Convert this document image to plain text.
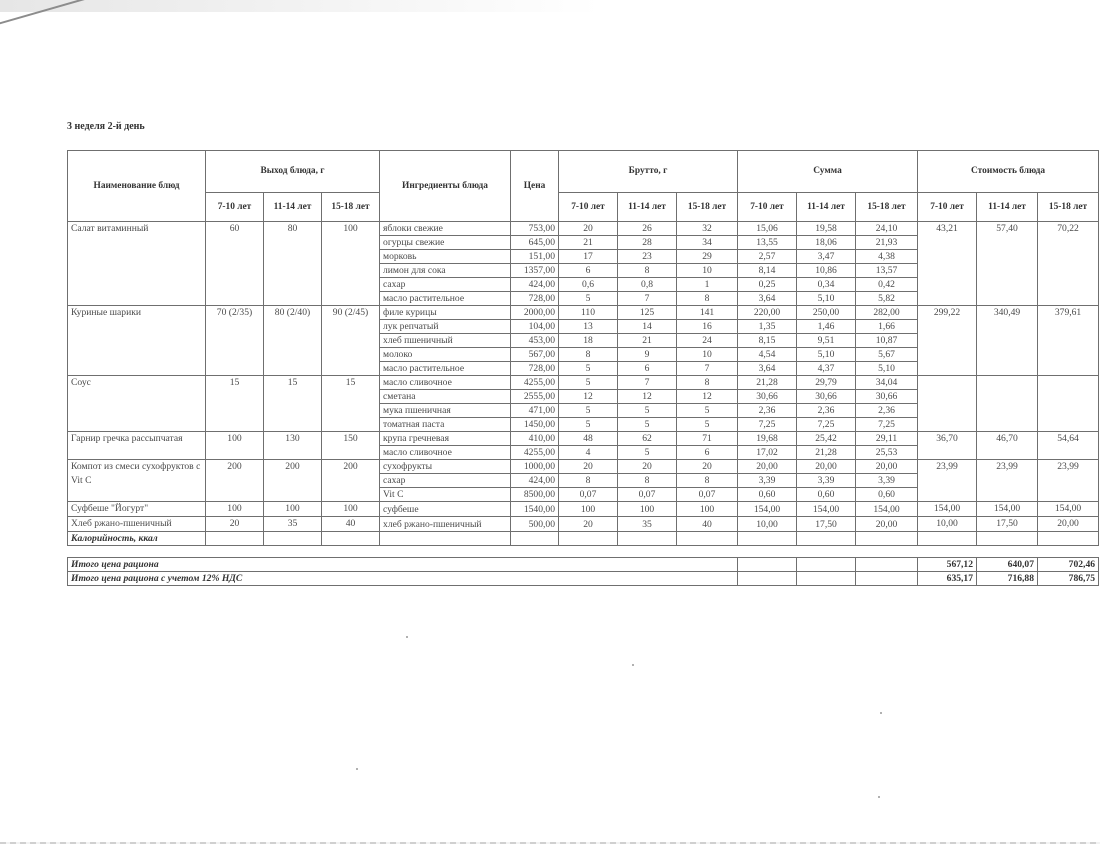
3 неделя 2-й день
Наименование блюд	Выход блюда, г			Ингредиенты блюда	Цена	Брутто, г			Сумма			Стоимость блюда		
	7-10 лет	11-14 лет	15-18 лет			7-10 лет	11-14 лет	15-18 лет	7-10 лет	11-14 лет	15-18 лет	7-10 лет	11-14 лет	15-18 лет
Салат витаминный	60	80	100	яблоки свежие	753,00	20	26	32	15,06	19,58	24,10	43,21	57,40	70,22
				огурцы свежие	645,00	21	28	34	13,55	18,06	21,93			
				морковь	151,00	17	23	29	2,57	3,47	4,38			
				лимон для сока	1357,00	6	8	10	8,14	10,86	13,57			
				сахар	424,00	0,6	0,8	1	0,25	0,34	0,42			
				масло растительное	728,00	5	7	8	3,64	5,10	5,82			
Куриные шарики	70 (2/35)	80 (2/40)	90 (2/45)	филе курицы	2000,00	110	125	141	220,00	250,00	282,00	299,22	340,49	379,61
				лук репчатый	104,00	13	14	16	1,35	1,46	1,66			
				хлеб пшеничный	453,00	18	21	24	8,15	9,51	10,87			
				молоко	567,00	8	9	10	4,54	5,10	5,67			
				масло растительное	728,00	5	6	7	3,64	4,37	5,10			
Соус	15	15	15	масло сливочное	4255,00	5	7	8	21,28	29,79	34,04			
				сметана	2555,00	12	12	12	30,66	30,66	30,66			
				мука пшеничная	471,00	5	5	5	2,36	2,36	2,36			
				томатная паста	1450,00	5	5	5	7,25	7,25	7,25			
Гарнир гречка рассыпчатая	100	130	150	крупа гречневая	410,00	48	62	71	19,68	25,42	29,11	36,70	46,70	54,64
				масло сливочное	4255,00	4	5	6	17,02	21,28	25,53			
Компот из смеси сухофруктов с Vit C	200	200	200	сухофрукты	1000,00	20	20	20	20,00	20,00	20,00	23,99	23,99	23,99
				сахар	424,00	8	8	8	3,39	3,39	3,39			
				Vit C	8500,00	0,07	0,07	0,07	0,60	0,60	0,60			
Суфбеше "Йогурт"	100	100	100	суфбеше	1540,00	100	100	100	154,00	154,00	154,00	154,00	154,00	154,00
Хлеб ржано-пшеничный	20	35	40	хлеб ржано-пшеничный	500,00	20	35	40	10,00	17,50	20,00	10,00	17,50	20,00
Калорийность, ккал														

Итого цена рациона												567,12	640,07	702,46
Итого цена рациона с учетом 12% НДС												635,17	716,88	786,75
